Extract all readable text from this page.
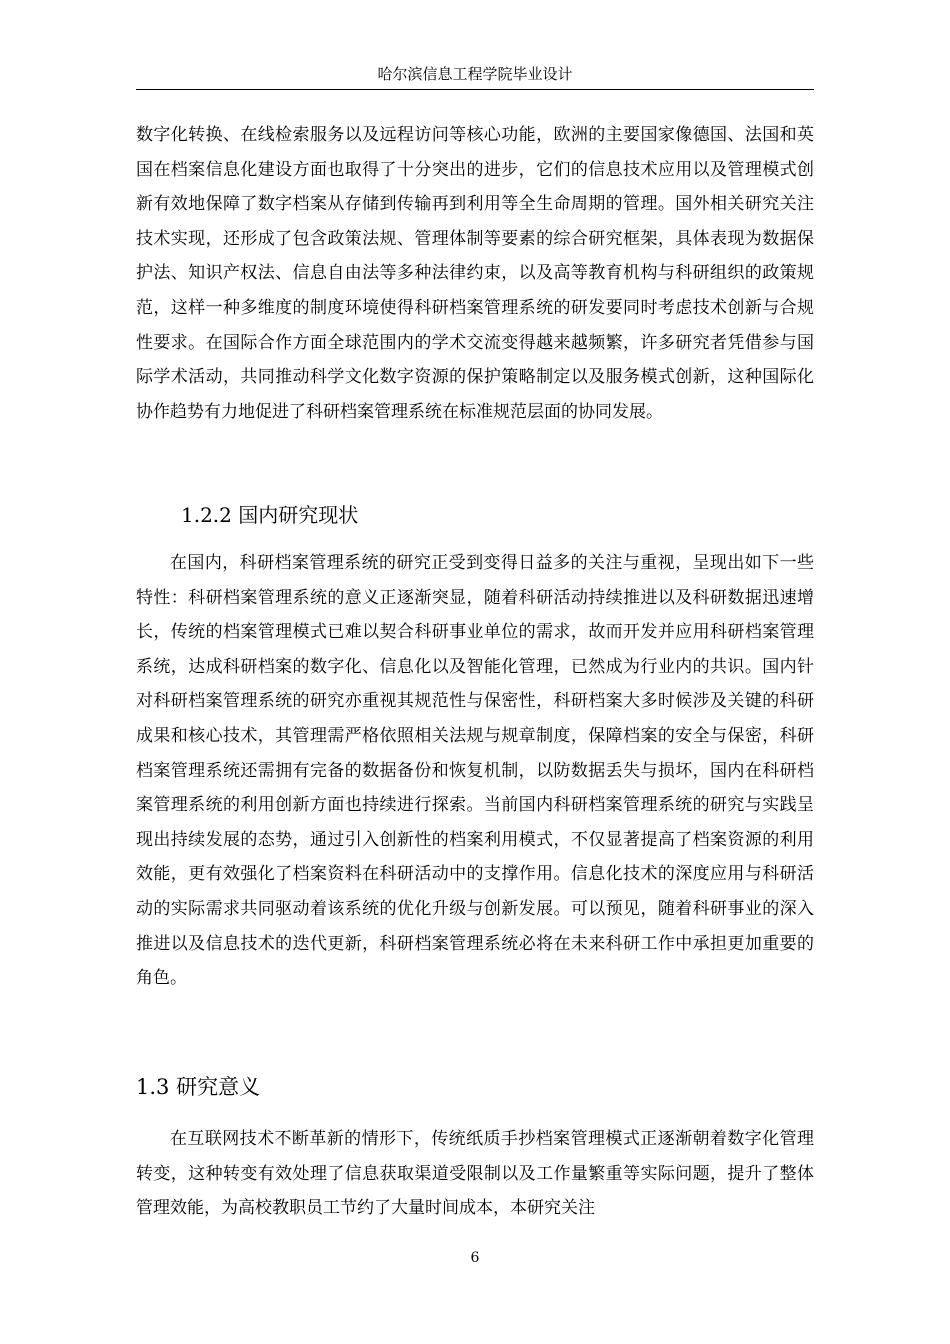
哈尔滨信息工程学院毕业设计

数字化转换、在线检索服务以及远程访问等核心功能，欧洲的主要国家像德国、法国和英国在档案信息化建设方面也取得了十分突出的进步，它们的信息技术应用以及管理模式创新有效地保障了数字档案从存储到传输再到利用等全生命周期的管理。国外相关研究关注技术实现，还形成了包含政策法规、管理体制等要素的综合研究框架，具体表现为数据保护法、知识产权法、信息自由法等多种法律约束，以及高等教育机构与科研组织的政策规范，这样一种多维度的制度环境使得科研档案管理系统的研发要同时考虑技术创新与合规性要求。在国际合作方面全球范围内的学术交流变得越来越频繁，许多研究者凭借参与国际学术活动，共同推动科学文化数字资源的保护策略制定以及服务模式创新，这种国际化协作趋势有力地促进了科研档案管理系统在标准规范层面的协同发展。

1.2.2 国内研究现状

在国内，科研档案管理系统的研究正受到变得日益多的关注与重视，呈现出如下一些特性：科研档案管理系统的意义正逐渐突显，随着科研活动持续推进以及科研数据迅速增长，传统的档案管理模式已难以契合科研事业单位的需求，故而开发并应用科研档案管理系统，达成科研档案的数字化、信息化以及智能化管理，已然成为行业内的共识。国内针对科研档案管理系统的研究亦重视其规范性与保密性，科研档案大多时候涉及关键的科研成果和核心技术，其管理需严格依照相关法规与规章制度，保障档案的安全与保密，科研档案管理系统还需拥有完备的数据备份和恢复机制，以防数据丢失与损坏，国内在科研档案管理系统的利用创新方面也持续进行探索。当前国内科研档案管理系统的研究与实践呈现出持续发展的态势，通过引入创新性的档案利用模式，不仅显著提高了档案资源的利用效能，更有效强化了档案资料在科研活动中的支撑作用。信息化技术的深度应用与科研活动的实际需求共同驱动着该系统的优化升级与创新发展。可以预见，随着科研事业的深入推进以及信息技术的迭代更新，科研档案管理系统必将在未来科研工作中承担更加重要的角色。

1.3 研究意义

在互联网技术不断革新的情形下，传统纸质手抄档案管理模式正逐渐朝着数字化管理转变，这种转变有效处理了信息获取渠道受限制以及工作量繁重等实际问题，提升了整体管理效能，为高校教职员工节约了大量时间成本，本研究关注

6
